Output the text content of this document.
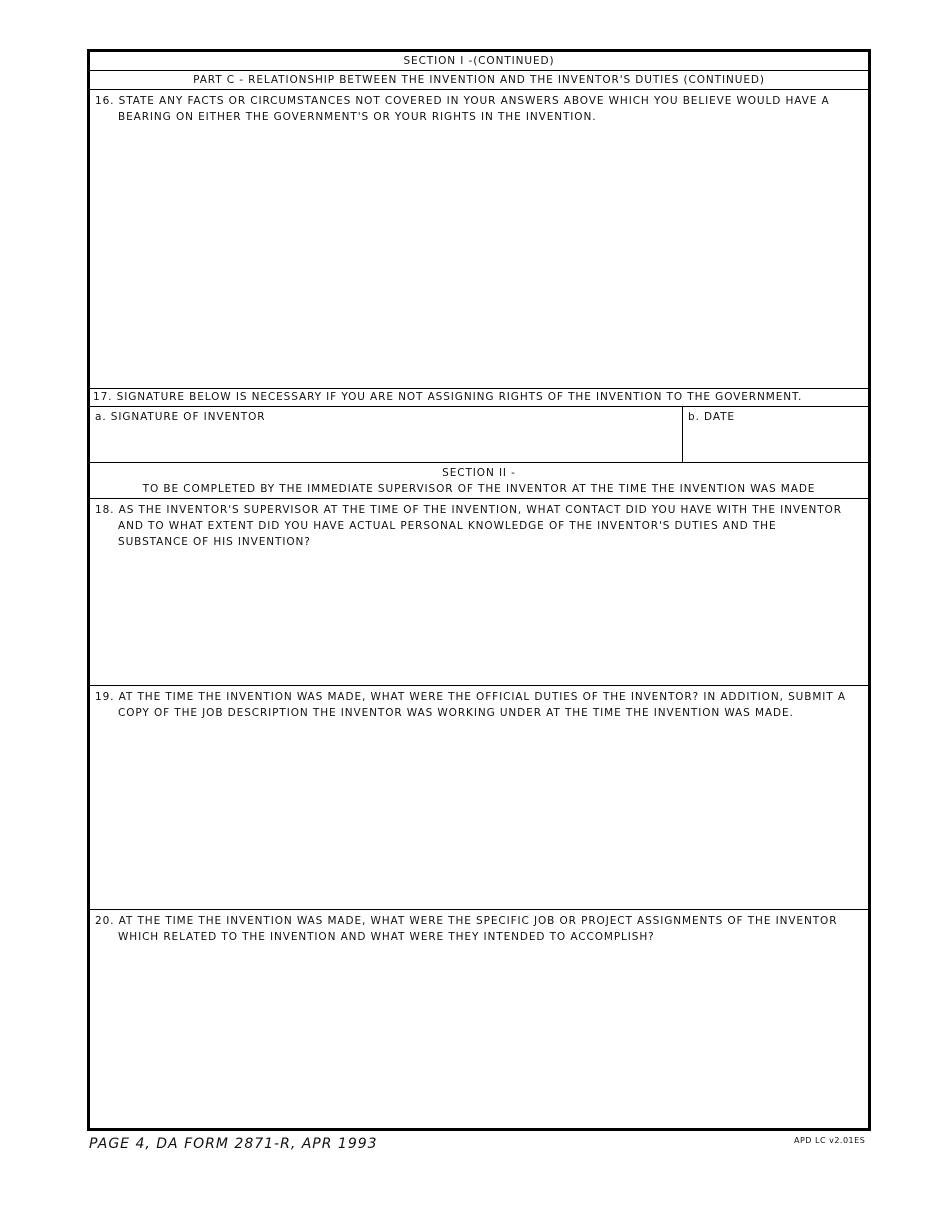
SECTION I -(CONTINUED)
PART C - RELATIONSHIP BETWEEN THE INVENTION AND THE INVENTOR'S DUTIES (CONTINUED)
16. STATE ANY FACTS OR CIRCUMSTANCES NOT COVERED IN YOUR ANSWERS ABOVE WHICH YOU BELIEVE WOULD HAVE A
BEARING ON EITHER THE GOVERNMENT'S OR YOUR RIGHTS IN THE INVENTION.
17. SIGNATURE BELOW IS NECESSARY IF YOU ARE NOT ASSIGNING RIGHTS OF THE INVENTION TO THE GOVERNMENT.
a. SIGNATURE OF INVENTOR	b. DATE
SECTION II -
TO BE COMPLETED BY THE IMMEDIATE SUPERVISOR OF THE INVENTOR AT THE TIME THE INVENTION WAS MADE
18. AS THE INVENTOR'S SUPERVISOR AT THE TIME OF THE INVENTION, WHAT CONTACT DID YOU HAVE WITH THE INVENTOR
AND TO WHAT EXTENT DID YOU HAVE ACTUAL PERSONAL KNOWLEDGE OF THE INVENTOR'S DUTIES AND THE
SUBSTANCE OF HIS INVENTION?
19. AT THE TIME THE INVENTION WAS MADE, WHAT WERE THE OFFICIAL DUTIES OF THE INVENTOR? IN ADDITION, SUBMIT A
COPY OF THE JOB DESCRIPTION THE INVENTOR WAS WORKING UNDER AT THE TIME THE INVENTION WAS MADE.
20. AT THE TIME THE INVENTION WAS MADE, WHAT WERE THE SPECIFIC JOB OR PROJECT ASSIGNMENTS OF THE INVENTOR
WHICH RELATED TO THE INVENTION AND WHAT WERE THEY INTENDED TO ACCOMPLISH?
PAGE 4, DA FORM 2871-R, APR 1993	APD LC v2.01ES
